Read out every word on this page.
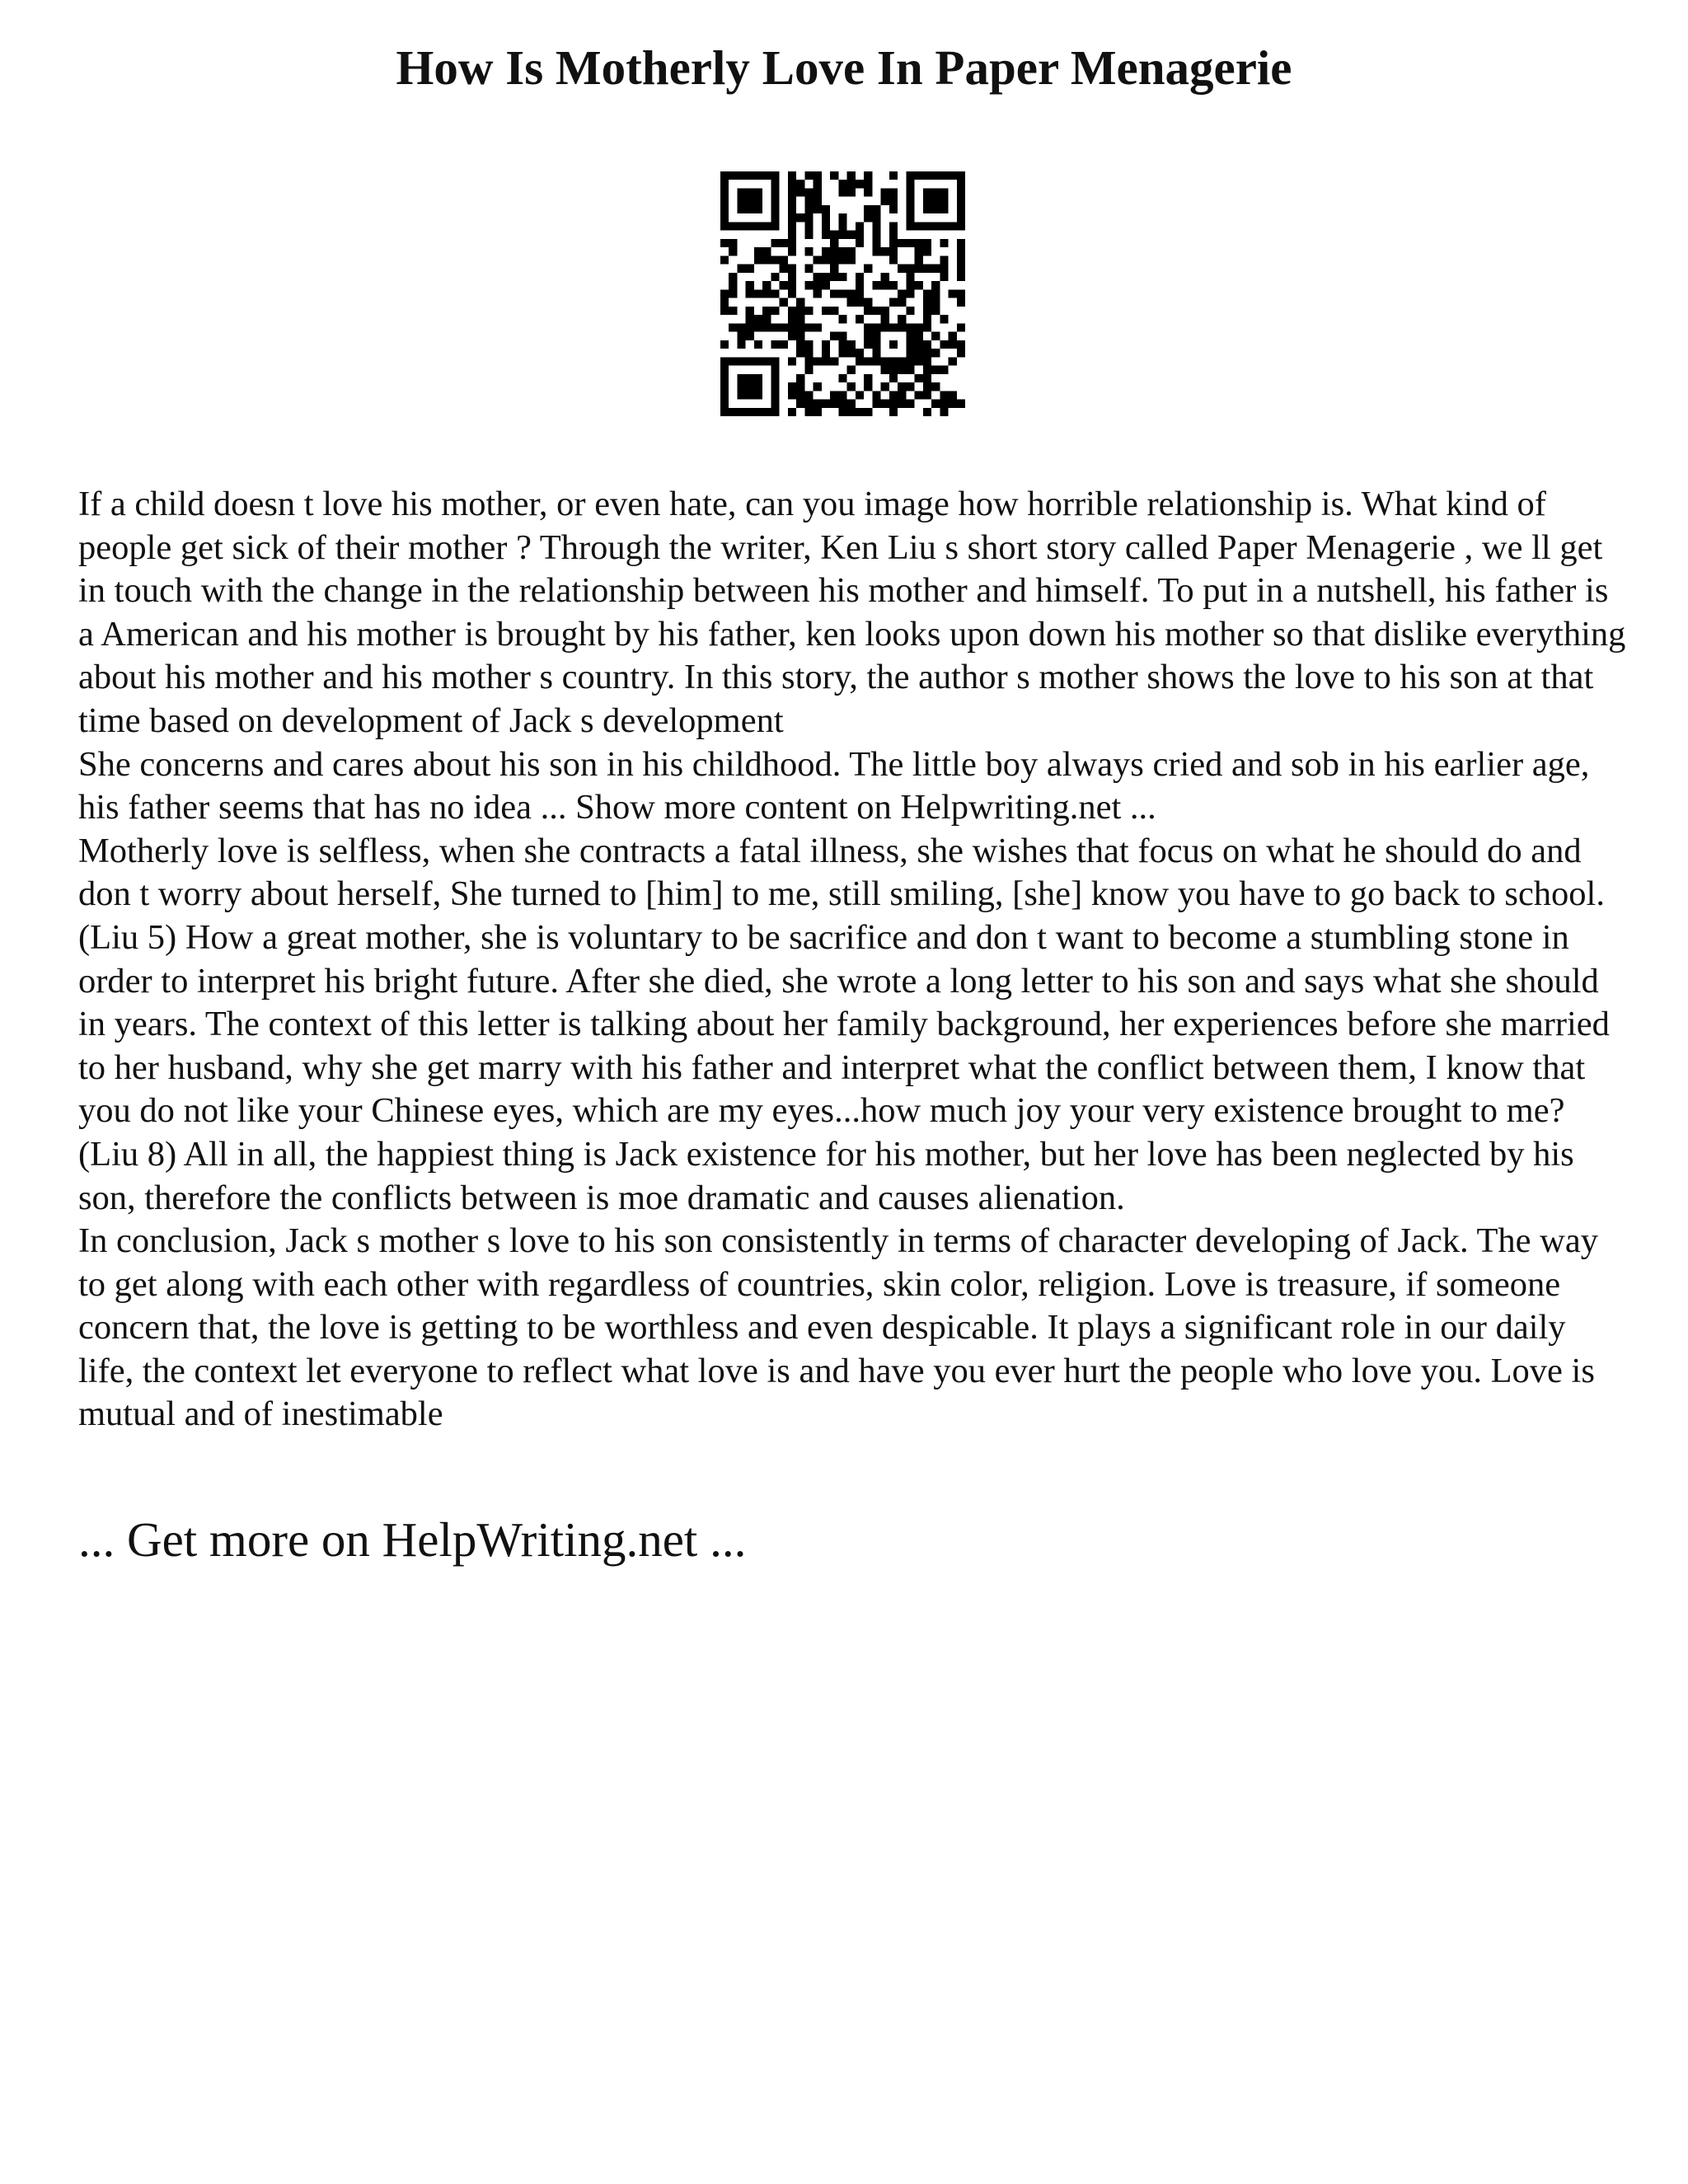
How Is Motherly Love In Paper Menagerie

If a child doesn t love his mother, or even hate, can you image how horrible relationship is. What kind of people get sick of their mother ? Through the writer, Ken Liu s short story called Paper Menagerie , we ll get in touch with the change in the relationship between his mother and himself. To put in a nutshell, his father is a American and his mother is brought by his father, ken looks upon down his mother so that dislike everything about his mother and his mother s country. In this story, the author s mother shows the love to his son at that time based on development of Jack s development

She concerns and cares about his son in his childhood. The little boy always cried and sob in his earlier age, his father seems that has no idea ... Show more content on Helpwriting.net ...

Motherly love is selfless, when she contracts a fatal illness, she wishes that focus on what he should do and don t worry about herself, She turned to [him] to me, still smiling, [she] know you have to go back to school. (Liu 5) How a great mother, she is voluntary to be sacrifice and don t want to become a stumbling stone in order to interpret his bright future. After she died, she wrote a long letter to his son and says what she should in years. The context of this letter is talking about her family background, her experiences before she married to her husband, why she get marry with his father and interpret what the conflict between them, I know that you do not like your Chinese eyes, which are my eyes...how much joy your very existence brought to me? (Liu 8) All in all, the happiest thing is Jack existence for his mother, but her love has been neglected by his son, therefore the conflicts between is moe dramatic and causes alienation.

In conclusion, Jack s mother s love to his son consistently in terms of character developing of Jack. The way to get along with each other with regardless of countries, skin color, religion. Love is treasure, if someone concern that, the love is getting to be worthless and even despicable. It plays a significant role in our daily life, the context let everyone to reflect what love is and have you ever hurt the people who love you. Love is mutual and of inestimable

... Get more on HelpWriting.net ...
